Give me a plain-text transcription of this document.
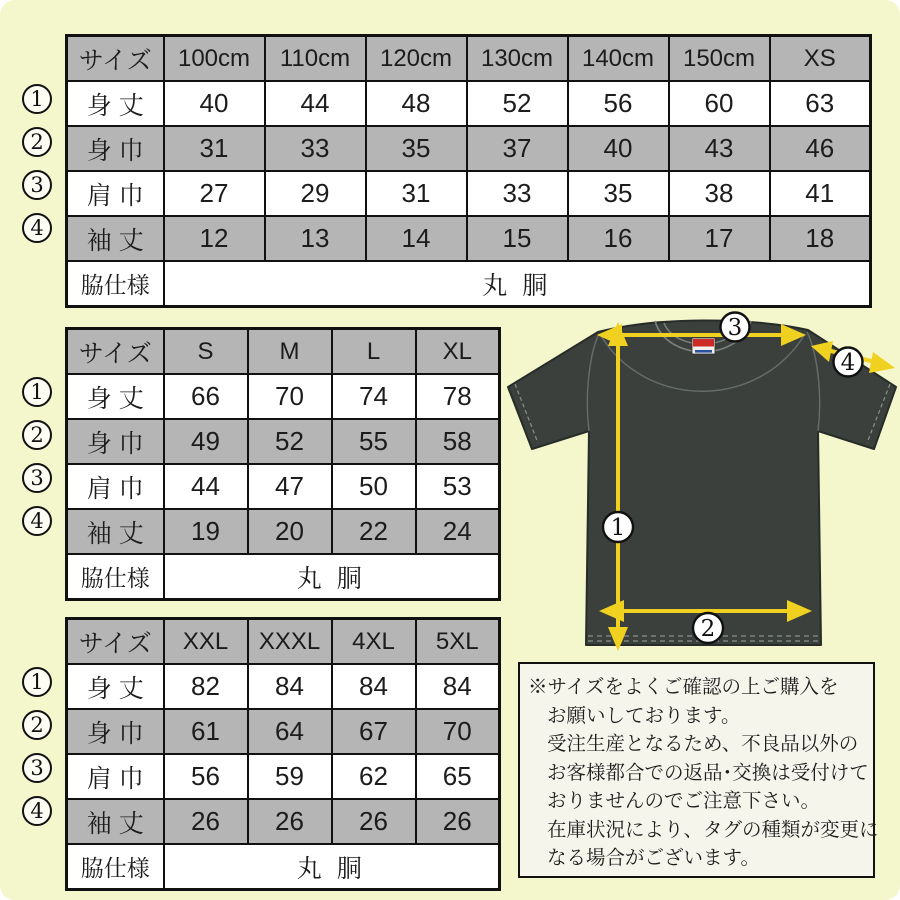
サイズ	100cm	110cm	120cm	130cm	140cm	150cm	XS
身 丈	40	44	48	52	56	60	63
身 巾	31	33	35	37	40	43	46
肩 巾	27	29	31	33	35	38	41
袖 丈	12	13	14	15	16	17	18
脇仕様	丸 胴						
サイズ	S	M	L	XL
身 丈	66	70	74	78
身 巾	49	52	55	58
肩 巾	44	47	50	53
袖 丈	19	20	22	24
脇仕様	丸 胴			
サイズ	XXL	XXXL	4XL	5XL
身 丈	82	84	84	84
身 巾	61	64	67	70
肩 巾	56	59	62	65
袖 丈	26	26	26	26
脇仕様	丸 胴			
3
4
1
2
※サイズをよくご確認の上ご購入を
お願いしております。
受注生産となるため、不良品以外の
お客様都合での返品･交換は受付けて
おりませんのでご注意下さい。
在庫状況により、タグの種類が変更に
なる場合がございます。
1
2
3
4
1
2
3
4
1
2
3
4
